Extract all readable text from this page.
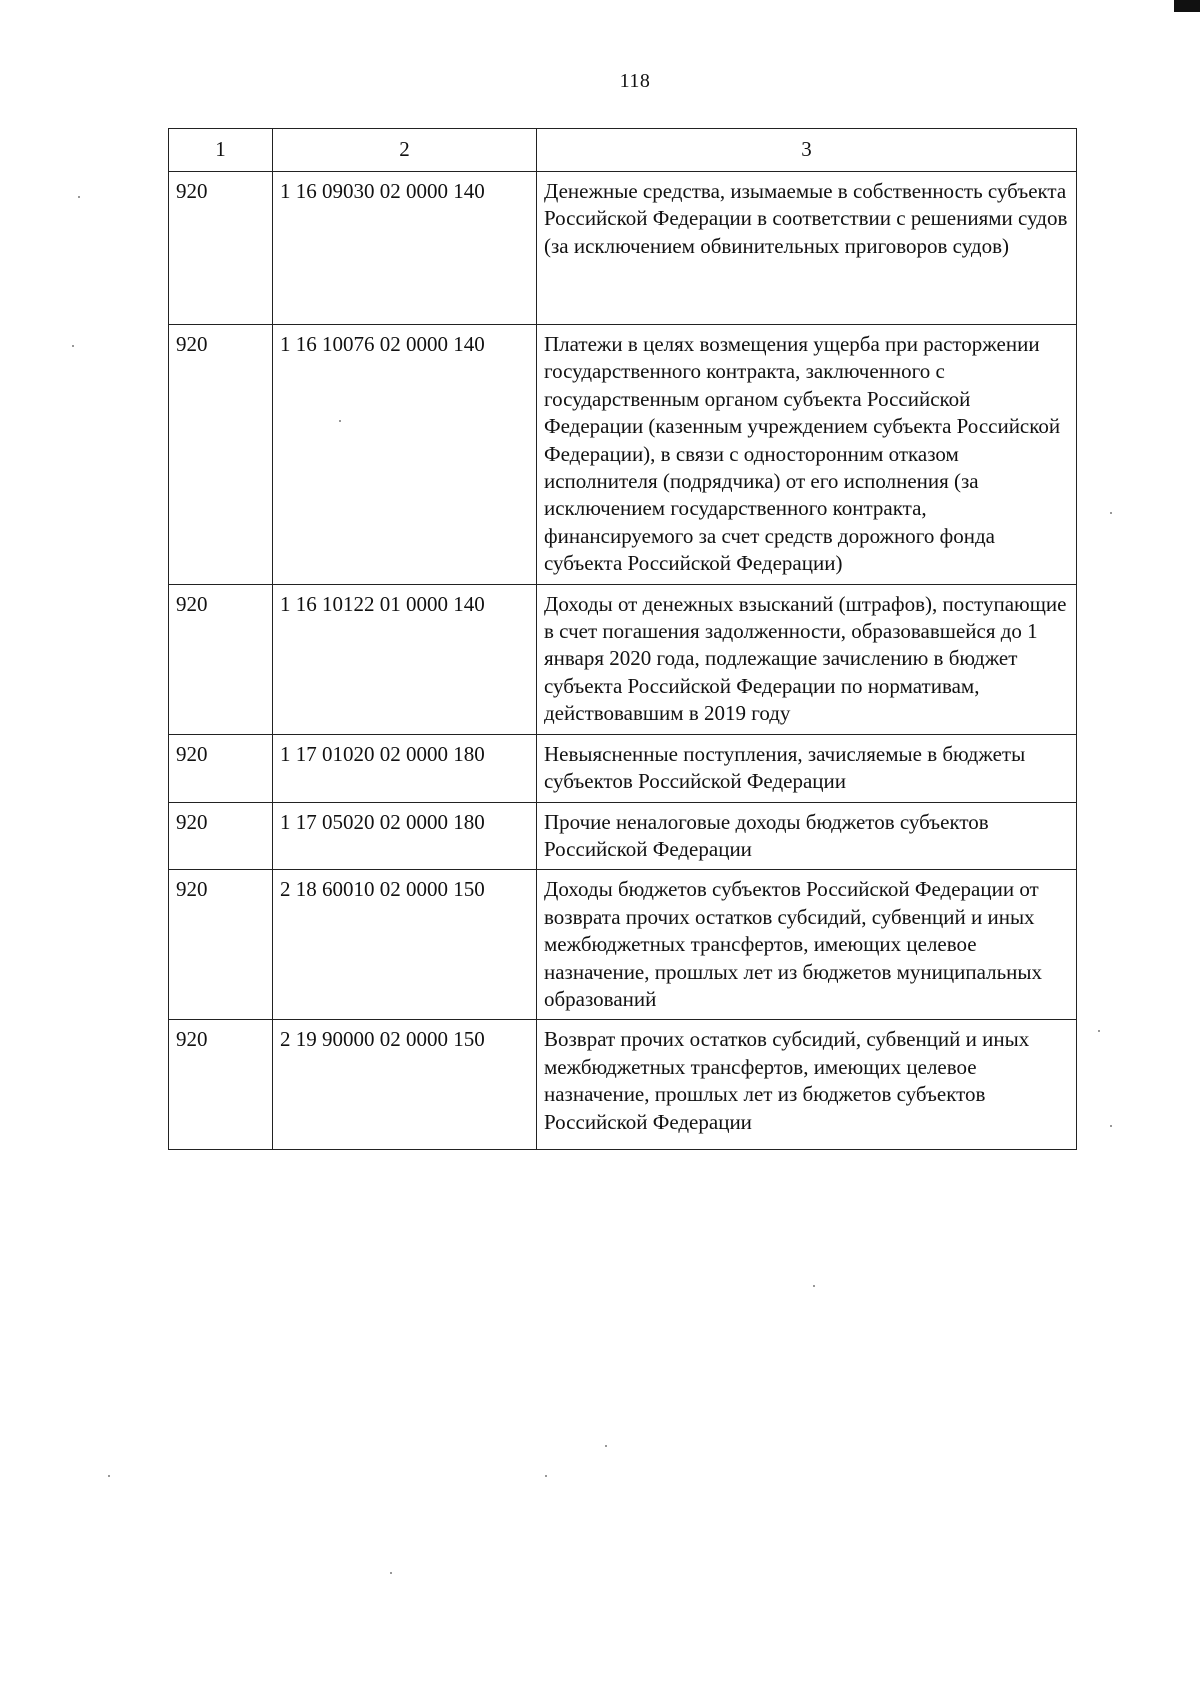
118
1	2	3
920	1 16 09030 02 0000 140	Денежные средства, изымаемые в собственность субъекта Российской Федерации в соответствии с решениями судов (за исключением обвинительных приговоров судов)
920	1 16 10076 02 0000 140	Платежи в целях возмещения ущерба при расторжении государственного контракта, заключенного с государственным органом субъекта Российской Федерации (казенным учреждением субъекта Российской Федерации), в связи с односторонним отказом исполнителя (подрядчика) от его исполнения (за исключением государственного контракта, финансируемого за счет средств дорожного фонда субъекта Российской Федерации)
920	1 16 10122 01 0000 140	Доходы от денежных взысканий (штрафов), поступающие в счет погашения задолженности, образовавшейся до 1 января 2020 года, подлежащие зачислению в бюджет субъекта Российской Федерации по нормативам, действовавшим в 2019 году
920	1 17 01020 02 0000 180	Невыясненные поступления, зачисляемые в бюджеты субъектов Российской Федерации
920	1 17 05020 02 0000 180	Прочие неналоговые доходы бюджетов субъектов Российской Федерации
920	2 18 60010 02 0000 150	Доходы бюджетов субъектов Российской Федерации от возврата прочих остатков субсидий, субвенций и иных межбюджетных трансфертов, имеющих целевое назначение, прошлых лет из бюджетов муниципальных образований
920	2 19 90000 02 0000 150	Возврат прочих остатков субсидий, субвенций и иных межбюджетных трансфертов, имеющих целевое назначение, прошлых лет из бюджетов субъектов Российской Федерации
